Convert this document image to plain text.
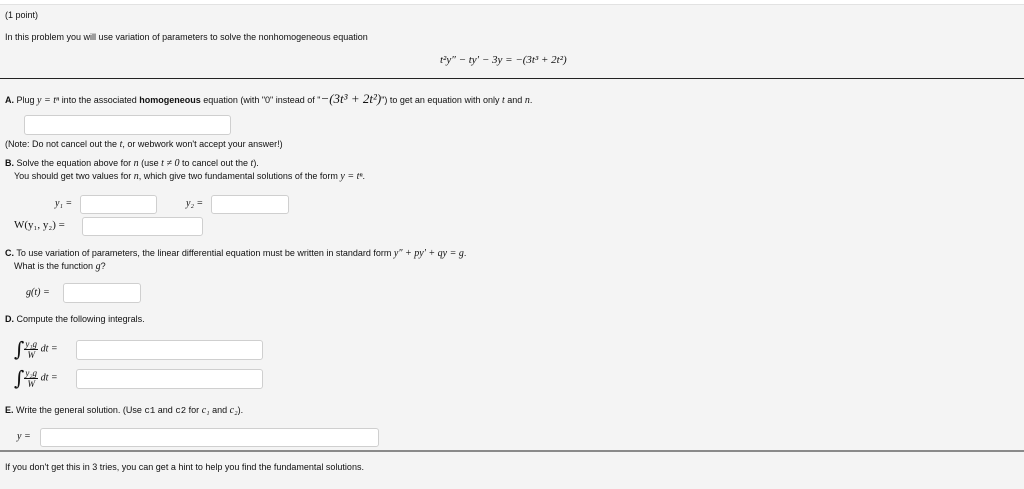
(1 point)
In this problem you will use variation of parameters to solve the nonhomogeneous equation
t²y″ − ty′ − 3y = −(3t³ + 2t²)
A. Plug y = tⁿ into the associated homogeneous equation (with "0" instead of "−(3t³ + 2t²)") to get an equation with only t and n.
(Note: Do not cancel out the t, or webwork won't accept your answer!)
B. Solve the equation above for n (use t ≠ 0 to cancel out the t).
You should get two values for n, which give two fundamental solutions of the form y = tⁿ.
y₁ =	y₂ =
W(y₁, y₂) =
C. To use variation of parameters, the linear differential equation must be written in standard form y″ + py′ + qy = g.
What is the function g?
g(t) =
D. Compute the following integrals.
∫ $\frac{\text{y₁g}}{W}$ dt =
∫ $\frac{\text{y₂g}}{W}$ dt =
E. Write the general solution. (Use c1 and c2 for c₁ and c₂).
y =
If you don't get this in 3 tries, you can get a hint to help you find the fundamental solutions.
